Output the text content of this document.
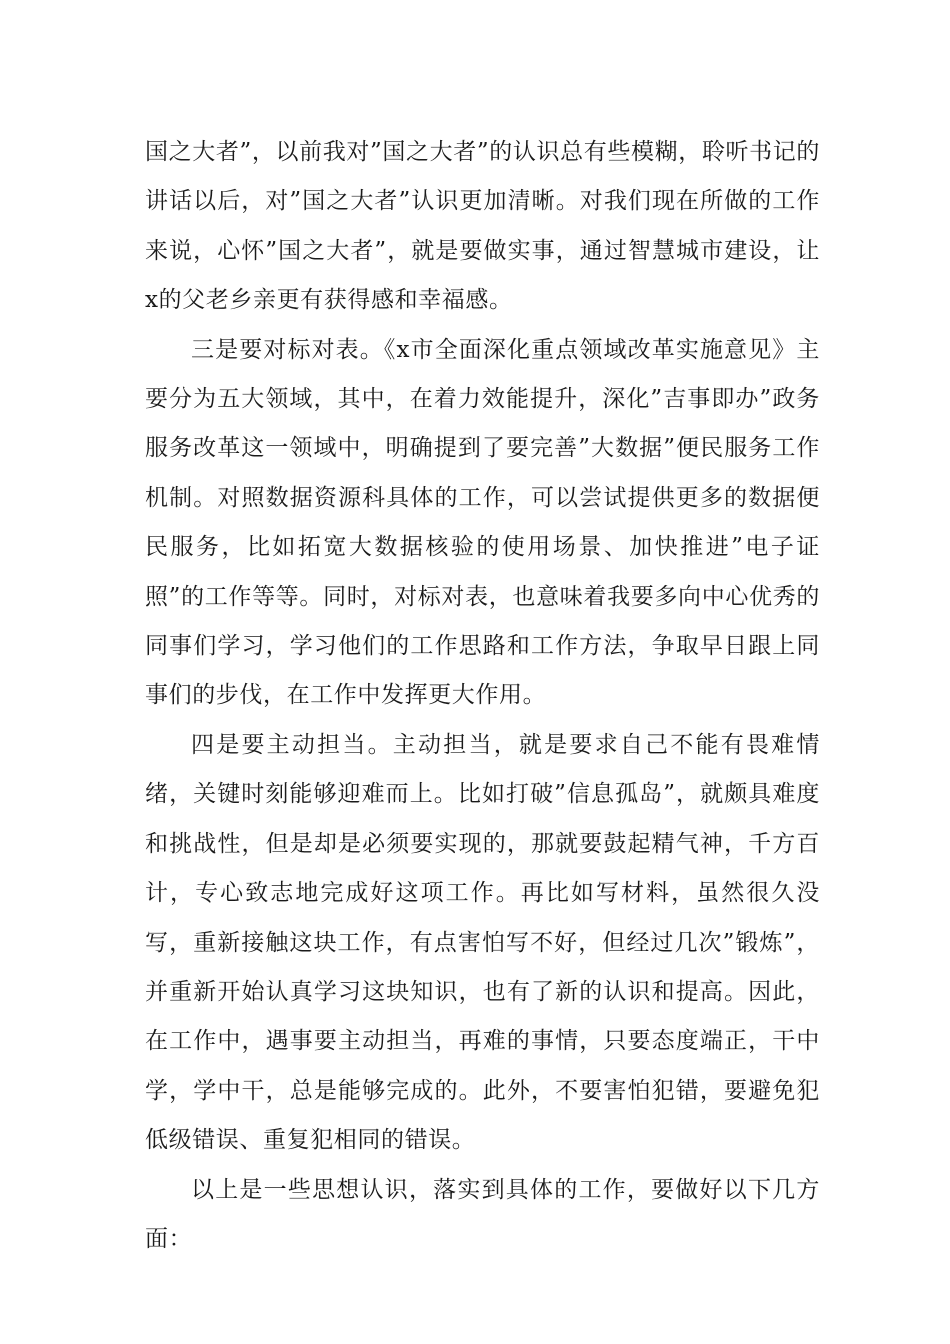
国之大者”，以前我对”国之大者”的认识总有些模糊，聆听书记的讲话以后，对”国之大者”认识更加清晰。对我们现在所做的工作来说，心怀”国之大者”，就是要做实事，通过智慧城市建设，让x的父老乡亲更有获得感和幸福感。

三是要对标对表。《x市全面深化重点领域改革实施意见》主要分为五大领域，其中，在着力效能提升，深化”吉事即办”政务服务改革这一领域中，明确提到了要完善”大数据”便民服务工作机制。对照数据资源科具体的工作，可以尝试提供更多的数据便民服务，比如拓宽大数据核验的使用场景、加快推进”电子证照”的工作等等。同时，对标对表，也意味着我要多向中心优秀的同事们学习，学习他们的工作思路和工作方法，争取早日跟上同事们的步伐，在工作中发挥更大作用。

四是要主动担当。主动担当，就是要求自己不能有畏难情绪，关键时刻能够迎难而上。比如打破”信息孤岛”，就颇具难度和挑战性，但是却是必须要实现的，那就要鼓起精气神，千方百计，专心致志地完成好这项工作。再比如写材料，虽然很久没写，重新接触这块工作，有点害怕写不好，但经过几次”锻炼”，并重新开始认真学习这块知识，也有了新的认识和提高。因此，在工作中，遇事要主动担当，再难的事情，只要态度端正，干中学，学中干，总是能够完成的。此外，不要害怕犯错，要避免犯低级错误、重复犯相同的错误。

以上是一些思想认识，落实到具体的工作，要做好以下几方面：
